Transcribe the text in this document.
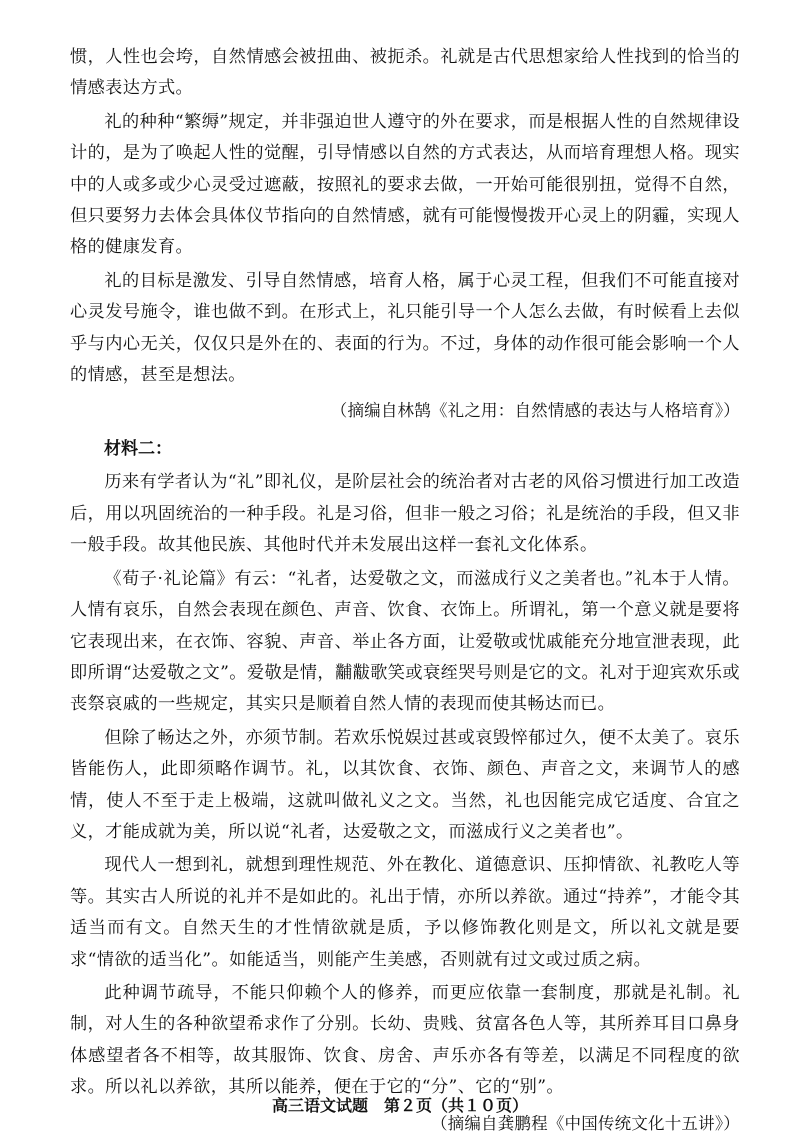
惯，人性也会垮，自然情感会被扭曲、被扼杀。礼就是古代思想家给人性找到的恰当的情感表达方式。

礼的种种“繁缛”规定，并非强迫世人遵守的外在要求，而是根据人性的自然规律设计的，是为了唤起人性的觉醒，引导情感以自然的方式表达，从而培育理想人格。现实中的人或多或少心灵受过遮蔽，按照礼的要求去做，一开始可能很别扭，觉得不自然，但只要努力去体会具体仪节指向的自然情感，就有可能慢慢拨开心灵上的阴霾，实现人格的健康发育。

礼的目标是激发、引导自然情感，培育人格，属于心灵工程，但我们不可能直接对心灵发号施令，谁也做不到。在形式上，礼只能引导一个人怎么去做，有时候看上去似乎与内心无关，仅仅只是外在的、表面的行为。不过，身体的动作很可能会影响一个人的情感，甚至是想法。

（摘编自林鹄《礼之用：自然情感的表达与人格培育》）
材料二：

历来有学者认为“礼”即礼仪，是阶层社会的统治者对古老的风俗习惯进行加工改造后，用以巩固统治的一种手段。礼是习俗，但非一般之习俗；礼是统治的手段，但又非一般手段。故其他民族、其他时代并未发展出这样一套礼文化体系。

《荀子·礼论篇》有云：“礼者，达爱敬之文，而滋成行义之美者也。”礼本于人情。人情有哀乐，自然会表现在颜色、声音、饮食、衣饰上。所谓礼，第一个意义就是要将它表现出来，在衣饰、容貌、声音、举止各方面，让爱敬或忧戚能充分地宣泄表现，此即所谓“达爱敬之文”。爱敬是情，黼黻歌笑或衰绖哭号则是它的文。礼对于迎宾欢乐或丧祭哀戚的一些规定，其实只是顺着自然人情的表现而使其畅达而已。

但除了畅达之外，亦须节制。若欢乐悦娱过甚或哀毁悴郁过久，便不太美了。哀乐皆能伤人，此即须略作调节。礼，以其饮食、衣饰、颜色、声音之文，来调节人的感情，使人不至于走上极端，这就叫做礼义之文。当然，礼也因能完成它适度、合宜之义，才能成就为美，所以说“礼者，达爱敬之文，而滋成行义之美者也”。

现代人一想到礼，就想到理性规范、外在教化、道德意识、压抑情欲、礼教吃人等等。其实古人所说的礼并不是如此的。礼出于情，亦所以养欲。通过“持养”，才能令其适当而有文。自然天生的才性情欲就是质，予以修饰教化则是文，所以礼文就是要求“情欲的适当化”。如能适当，则能产生美感，否则就有过文或过质之病。

此种调节疏导，不能只仰赖个人的修养，而更应依靠一套制度，那就是礼制。礼制，对人生的各种欲望希求作了分别。长幼、贵贱、贫富各色人等，其所养耳目口鼻身体感望者各不相等，故其服饰、饮食、房舍、声乐亦各有等差，以满足不同程度的欲求。所以礼以养欲，其所以能养，便在于它的“分”、它的“别”。

（摘编自龚鹏程《中国传统文化十五讲》）
高三语文试题　第２页（共１０页）
